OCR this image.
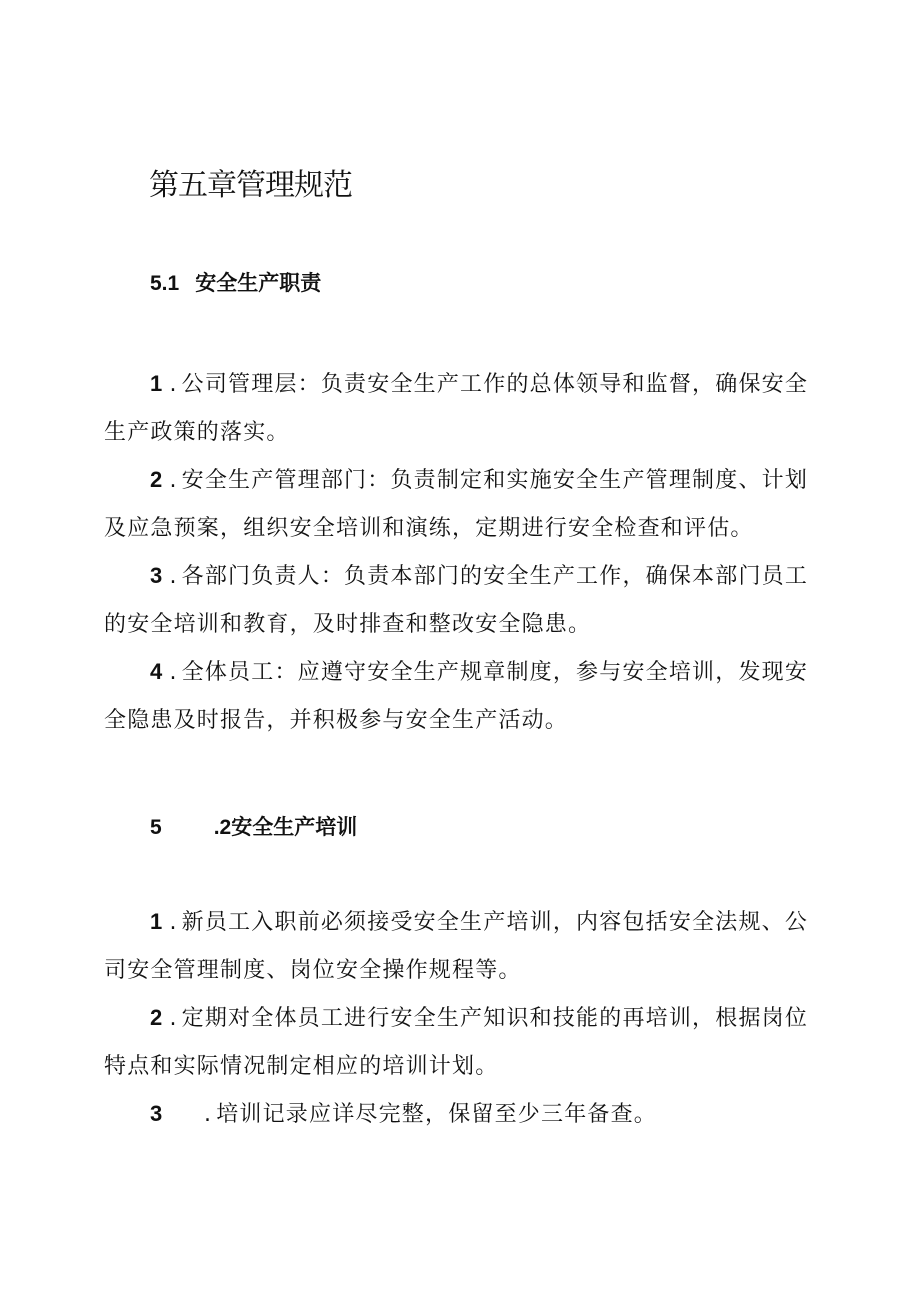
第五章管理规范
5.1 安全生产职责

1 . 公司管理层：负责安全生产工作的总体领导和监督，确保安全生产政策的落实。

2 . 安全生产管理部门：负责制定和实施安全生产管理制度、计划及应急预案，组织安全培训和演练，定期进行安全检查和评估。

3 . 各部门负责人：负责本部门的安全生产工作，确保本部门员工的安全培训和教育，及时排查和整改安全隐患。

4 . 全体员工：应遵守安全生产规章制度，参与安全培训，发现安全隐患及时报告，并积极参与安全生产活动。

5 .2安全生产培训

1 . 新员工入职前必须接受安全生产培训，内容包括安全法规、公司安全管理制度、岗位安全操作规程等。

2 . 定期对全体员工进行安全生产知识和技能的再培训，根据岗位特点和实际情况制定相应的培训计划。

3 . 培训记录应详尽完整，保留至少三年备查。
